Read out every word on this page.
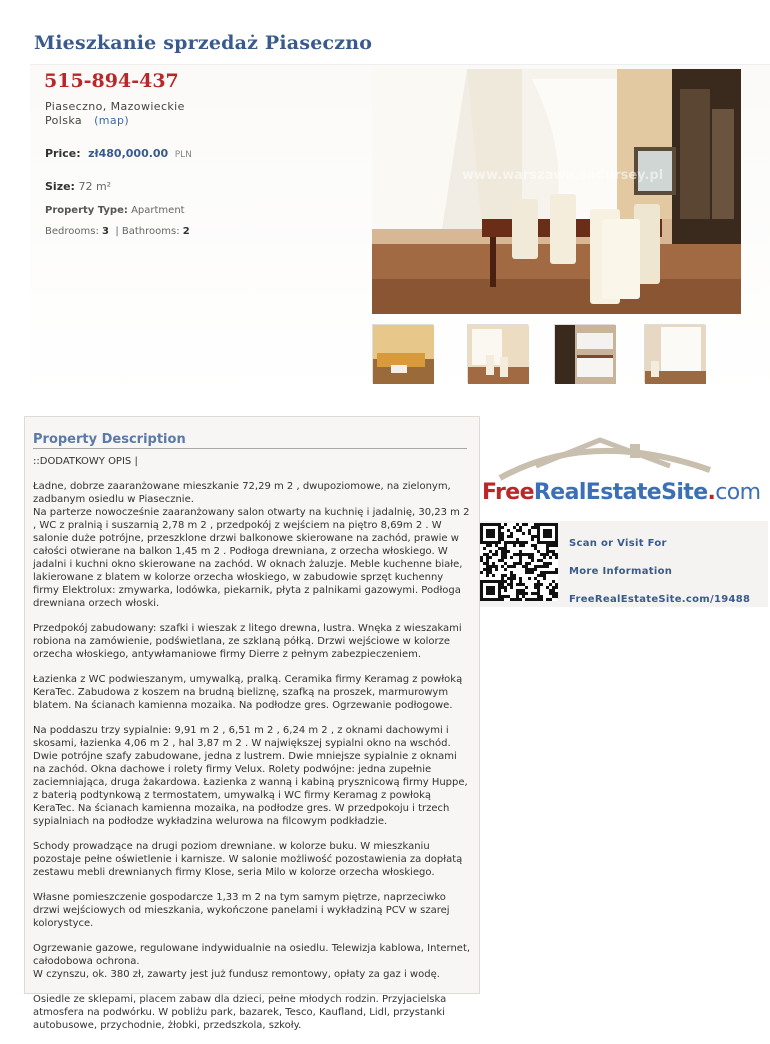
Mieszkanie sprzedaż Piaseczno
515-894-437
Piaseczno, Mazowieckie
Polska (map)
Price: zł480,000.00 PLN
Size: 72 m²
Property Type: Apartment
Bedrooms: 3 | Bathrooms: 2
www.warszawa.sadursey.pl
Property Description

::DODATKOWY OPIS |

Ładne, dobrze zaaranżowane mieszkanie 72,29 m 2 , dwupoziomowe, na zielonym, zadbanym osiedlu w Piasecznie.
Na parterze nowocześnie zaaranżowany salon otwarty na kuchnię i jadalnię, 30,23 m 2 , WC z pralnią i suszarnią 2,78 m 2 , przedpokój z wejściem na piętro 8,69m 2 . W salonie duże potrójne, przeszklone drzwi balkonowe skierowane na zachód, prawie w całości otwierane na balkon 1,45 m 2 . Podłoga drewniana, z orzecha włoskiego. W jadalni i kuchni okno skierowane na zachód. W oknach żaluzje. Meble kuchenne białe, lakierowane z blatem w kolorze orzecha włoskiego, w zabudowie sprzęt kuchenny firmy Elektrolux: zmywarka, lodówka, piekarnik, płyta z palnikami gazowymi. Podłoga drewniana orzech włoski.

Przedpokój zabudowany: szafki i wieszak z litego drewna, lustra. Wnęka z wieszakami robiona na zamówienie, podświetlana, ze szklaną półką. Drzwi wejściowe w kolorze orzecha włoskiego, antywłamaniowe firmy Dierre z pełnym zabezpieczeniem.

Łazienka z WC podwieszanym, umywalką, pralką. Ceramika firmy Keramag z powłoką KeraTec. Zabudowa z koszem na brudną bieliznę, szafką na proszek, marmurowym blatem. Na ścianach kamienna mozaika. Na podłodze gres. Ogrzewanie podłogowe.

Na poddaszu trzy sypialnie: 9,91 m 2 , 6,51 m 2 , 6,24 m 2 , z oknami dachowymi i skosami, łazienka 4,06 m 2 , hal 3,87 m 2 . W największej sypialni okno na wschód. Dwie potrójne szafy zabudowane, jedna z lustrem. Dwie mniejsze sypialnie z oknami na zachód. Okna dachowe i rolety firmy Velux. Rolety podwójne: jedna zupełnie zaciemniająca, druga żakardowa. Łazienka z wanną i kabiną prysznicową firmy Huppe, z baterią podtynkową z termostatem, umywalką i WC firmy Keramag z powłoką KeraTec. Na ścianach kamienna mozaika, na podłodze gres. W przedpokoju i trzech sypialniach na podłodze wykładzina welurowa na filcowym podkładzie.

Schody prowadzące na drugi poziom drewniane. w kolorze buku. W mieszkaniu pozostaje pełne oświetlenie i karnisze. W salonie możliwość pozostawienia za dopłatą zestawu mebli drewnianych firmy Klose, seria Milo w kolorze orzecha włoskiego.

Własne pomieszczenie gospodarcze 1,33 m 2 na tym samym piętrze, naprzeciwko drzwi wejściowych od mieszkania, wykończone panelami i wykładziną PCV w szarej kolorystyce.

Ogrzewanie gazowe, regulowane indywidualnie na osiedlu. Telewizja kablowa, Internet, całodobowa ochrona.
W czynszu, ok. 380 zł, zawarty jest już fundusz remontowy, opłaty za gaz i wodę.

Osiedle ze sklepami, placem zabaw dla dzieci, pełne młodych rodzin. Przyjacielska atmosfera na podwórku. W pobliżu park, bazarek, Tesco, Kaufland, Lidl, przystanki autobusowe, przychodnie, żłobki, przedszkola, szkoły.

FreeRealEstateSite.com
Scan or Visit For
More Information
FreeRealEstateSite.com/19488
